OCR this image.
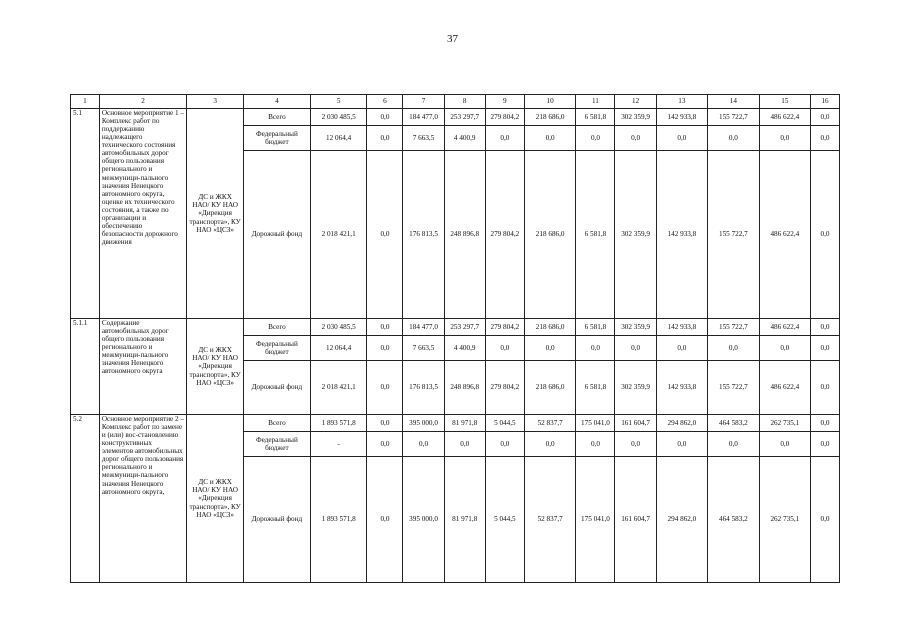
37
1	2	3	4	5	6	7	8	9	10	11	12	13	14	15	16
5.1	Основное мероприятие 1 – Комплекс работ по поддержанию надлежащего технического состояния автомобильных дорог общего пользования регионального и межмуници-пального значения Ненецкого автономного округа, оценке их технического состояния, а также по организации и обеспечению безопасности дорожного движения	ДС и ЖКХ НАО/ КУ НАО «Дирекция транспорта», КУ НАО «ЦСЗ»	Всего	2 030 485,5	0,0	184 477,0	253 297,7	279 804,2	218 686,0	6 581,8	302 359,9	142 933,8	155 722,7	486 622,4	0,0
			Федеральный бюджет	12 064,4	0,0	7 663,5	4 400,9	0,0	0,0	0,0	0,0	0,0	0,0	0,0	0,0
			Дорожный фонд	2 018 421,1	0,0	176 813,5	248 896,8	279 804,2	218 686,0	6 581,8	302 359,9	142 933,8	155 722,7	486 622,4	0,0
5.1.1	Содержание автомобильных дорог общего пользования регионального и межмуници-пального значения Ненецкого автономного округа	ДС и ЖКХ НАО/ КУ НАО «Дирекция транспорта», КУ НАО «ЦСЗ»	Всего	2 030 485,5	0,0	184 477,0	253 297,7	279 804,2	218 686,0	6 581,8	302 359,9	142 933,8	155 722,7	486 622,4	0,0
			Федеральный бюджет	12 064,4	0,0	7 663,5	4 400,9	0,0	0,0	0,0	0,0	0,0	0,0	0,0	0,0
			Дорожный фонд	2 018 421,1	0,0	176 813,5	248 896,8	279 804,2	218 686,0	6 581,8	302 359,9	142 933,8	155 722,7	486 622,4	0,0
5.2	Основное мероприятие 2 – Комплекс работ по замене и (или) вос-становлению конструктивных элементов автомобильных дорог общего пользования регионального и межмуници-пального значения Ненецкого автономного округа,	ДС и ЖКХ НАО/ КУ НАО «Дирекция транспорта», КУ НАО «ЦСЗ»	Всего	1 893 571,8	0,0	395 000,0	81 971,8	5 044,5	52 837,7	175 041,0	161 604,7	294 862,0	464 583,2	262 735,1	0,0
			Федеральный бюджет	-	0,0	0,0	0,0	0,0	0,0	0,0	0,0	0,0	0,0	0,0	0,0
			Дорожный фонд	1 893 571,8	0,0	395 000,0	81 971,8	5 044,5	52 837,7	175 041,0	161 604,7	294 862,0	464 583,2	262 735,1	0,0
